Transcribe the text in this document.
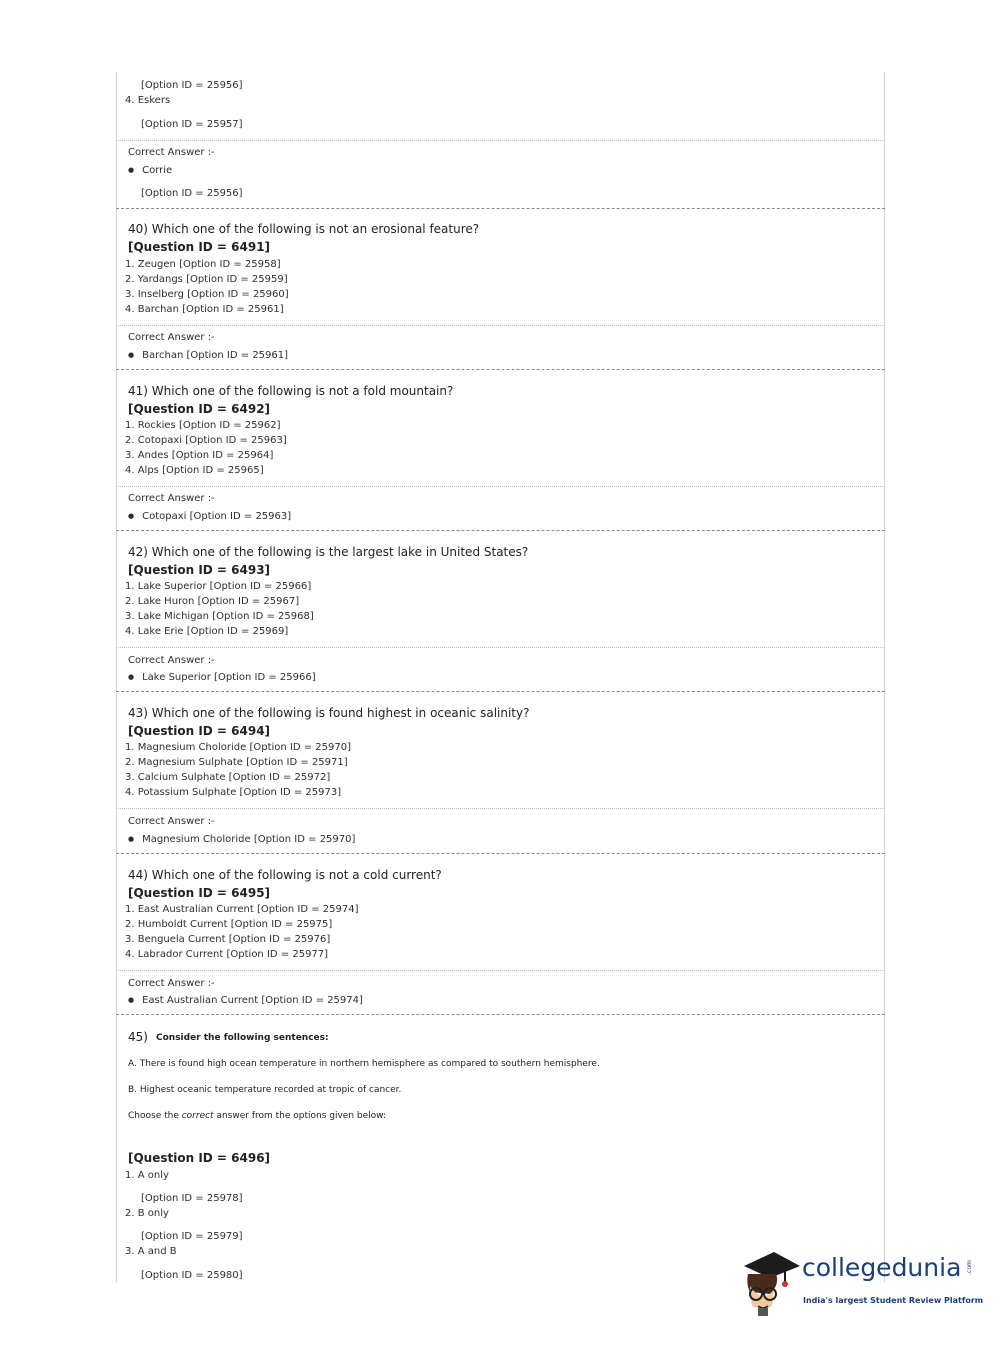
[Option ID = 25956]
4. Eskers
[Option ID = 25957]
Correct Answer :-
● Corrie
[Option ID = 25956]
40) Which one of the following is not an erosional feature?
[Question ID = 6491]
1. Zeugen [Option ID = 25958]
2. Yardangs [Option ID = 25959]
3. Inselberg [Option ID = 25960]
4. Barchan [Option ID = 25961]
Correct Answer :-
● Barchan [Option ID = 25961]
41) Which one of the following is not a fold mountain?
[Question ID = 6492]
1. Rockies [Option ID = 25962]
2. Cotopaxi [Option ID = 25963]
3. Andes [Option ID = 25964]
4. Alps [Option ID = 25965]
Correct Answer :-
● Cotopaxi [Option ID = 25963]
42) Which one of the following is the largest lake in United States?
[Question ID = 6493]
1. Lake Superior [Option ID = 25966]
2. Lake Huron [Option ID = 25967]
3. Lake Michigan [Option ID = 25968]
4. Lake Erie [Option ID = 25969]
Correct Answer :-
● Lake Superior [Option ID = 25966]
43) Which one of the following is found highest in oceanic salinity?
[Question ID = 6494]
1. Magnesium Choloride [Option ID = 25970]
2. Magnesium Sulphate [Option ID = 25971]
3. Calcium Sulphate [Option ID = 25972]
4. Potassium Sulphate [Option ID = 25973]
Correct Answer :-
● Magnesium Choloride [Option ID = 25970]
44) Which one of the following is not a cold current?
[Question ID = 6495]
1. East Australian Current [Option ID = 25974]
2. Humboldt Current [Option ID = 25975]
3. Benguela Current [Option ID = 25976]
4. Labrador Current [Option ID = 25977]
Correct Answer :-
● East Australian Current [Option ID = 25974]
45) Consider the following sentences:
A. There is found high ocean temperature in northern hemisphere as compared to southern hemisphere.
B. Highest oceanic temperature recorded at tropic of cancer.
Choose the correct answer from the options given below:
[Question ID = 6496]
1. A only
[Option ID = 25978]
2. B only
[Option ID = 25979]
3. A and B
[Option ID = 25980]	collegedunia .com
India's largest Student Review Platform
